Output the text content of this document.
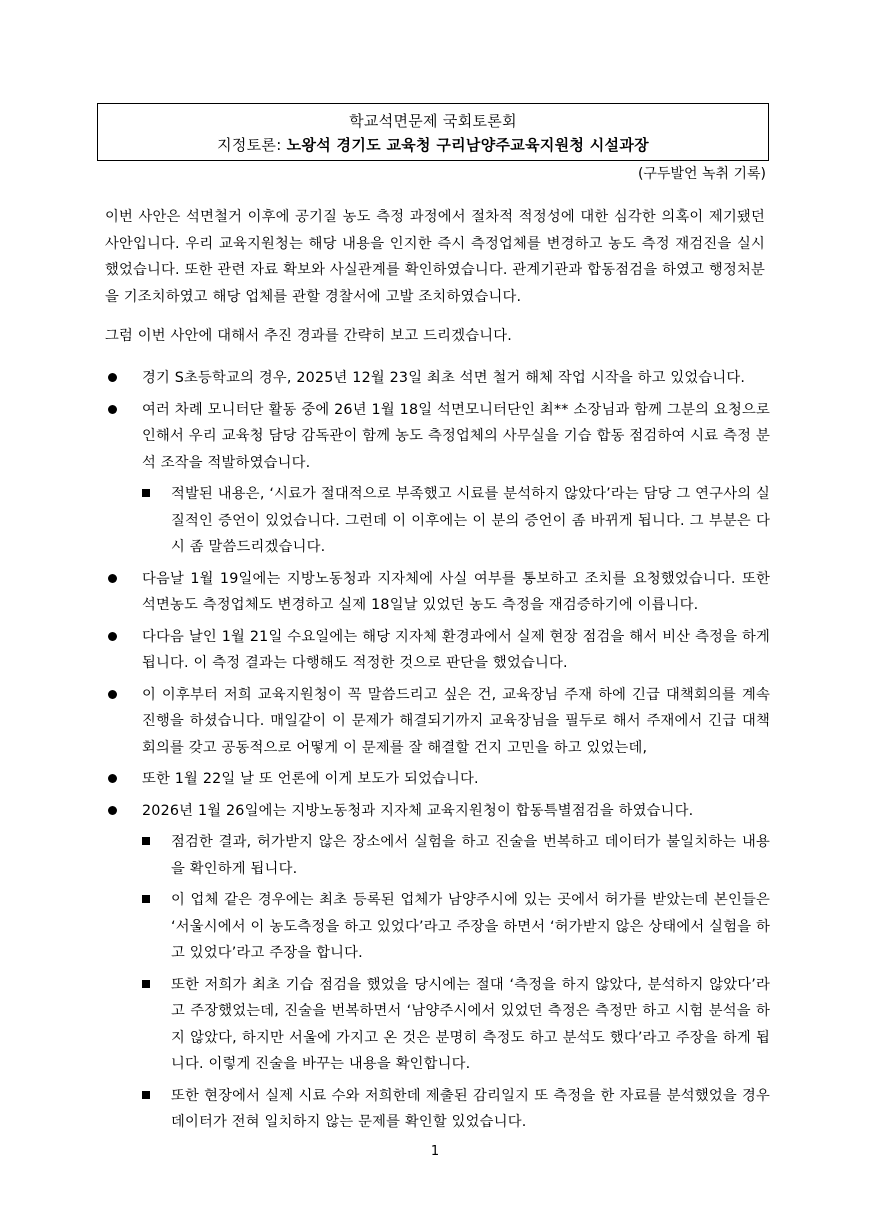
학교석면문제 국회토론회
지정토론: 노왕석 경기도 교육청 구리남양주교육지원청 시설과장
(구두발언 녹취 기록)
이번 사안은 석면철거 이후에 공기질 농도 측정 과정에서 절차적 적정성에 대한 심각한 의혹이 제기됐던 사안입니다. 우리 교육지원청는 해당 내용을 인지한 즉시 측정업체를 변경하고 농도 측정 재검진을 실시했었습니다. 또한 관련 자료 확보와 사실관계를 확인하였습니다. 관계기관과 합동점검을 하였고 행정처분을 기조치하였고 해당 업체를 관할 경찰서에 고발 조치하였습니다.
그럼 이번 사안에 대해서 추진 경과를 간략히 보고 드리겠습니다.
경기 S초등학교의 경우, 2025년 12월 23일 최초 석면 철거 해체 작업 시작을 하고 있었습니다.
여러 차례 모니터단 활동 중에 26년 1월 18일 석면모니터단인 최** 소장님과 함께 그분의 요청으로 인해서 우리 교육청 담당 감독관이 함께 농도 측정업체의 사무실을 기습 합동 점검하여 시료 측정 분석 조작을 적발하였습니다.
적발된 내용은, ‘시료가 절대적으로 부족했고 시료를 분석하지 않았다’라는 담당 그 연구사의 실질적인 증언이 있었습니다. 그런데 이 이후에는 이 분의 증언이 좀 바뀌게 됩니다. 그 부분은 다시 좀 말씀드리겠습니다.
다음날 1월 19일에는 지방노동청과 지자체에 사실 여부를 통보하고 조치를 요청했었습니다. 또한 석면농도 측정업체도 변경하고 실제 18일날 있었던 농도 측정을 재검증하기에 이릅니다.
다다음 날인 1월 21일 수요일에는 해당 지자체 환경과에서 실제 현장 점검을 해서 비산 측정을 하게 됩니다. 이 측정 결과는 다행해도 적정한 것으로 판단을 했었습니다.
이 이후부터 저희 교육지원청이 꼭 말씀드리고 싶은 건, 교육장님 주재 하에 긴급 대책회의를 계속 진행을 하셨습니다. 매일같이 이 문제가 해결되기까지 교육장님을 필두로 해서 주재에서 긴급 대책 회의를 갖고 공동적으로 어떻게 이 문제를 잘 해결할 건지 고민을 하고 있었는데,
또한 1월 22일 날 또 언론에 이게 보도가 되었습니다.
2026년 1월 26일에는 지방노동청과 지자체 교육지원청이 합동특별점검을 하였습니다.
점검한 결과, 허가받지 않은 장소에서 실험을 하고 진술을 번복하고 데이터가 불일치하는 내용을 확인하게 됩니다.
이 업체 같은 경우에는 최초 등록된 업체가 남양주시에 있는 곳에서 허가를 받았는데 본인들은 ‘서울시에서 이 농도측정을 하고 있었다’라고 주장을 하면서 ‘허가받지 않은 상태에서 실험을 하고 있었다’라고 주장을 합니다.
또한 저희가 최초 기습 점검을 했었을 당시에는 절대 ‘측정을 하지 않았다, 분석하지 않았다’라고 주장했었는데, 진술을 번복하면서 ‘남양주시에서 있었던 측정은 측정만 하고 시험 분석을 하지 않았다, 하지만 서울에 가지고 온 것은 분명히 측정도 하고 분석도 했다’라고 주장을 하게 됩니다. 이렇게 진술을 바꾸는 내용을 확인합니다.
또한 현장에서 실제 시료 수와 저희한데 제출된 감리일지 또 측정을 한 자료를 분석했었을 경우 데이터가 전혀 일치하지 않는 문제를 확인할 있었습니다.
1
